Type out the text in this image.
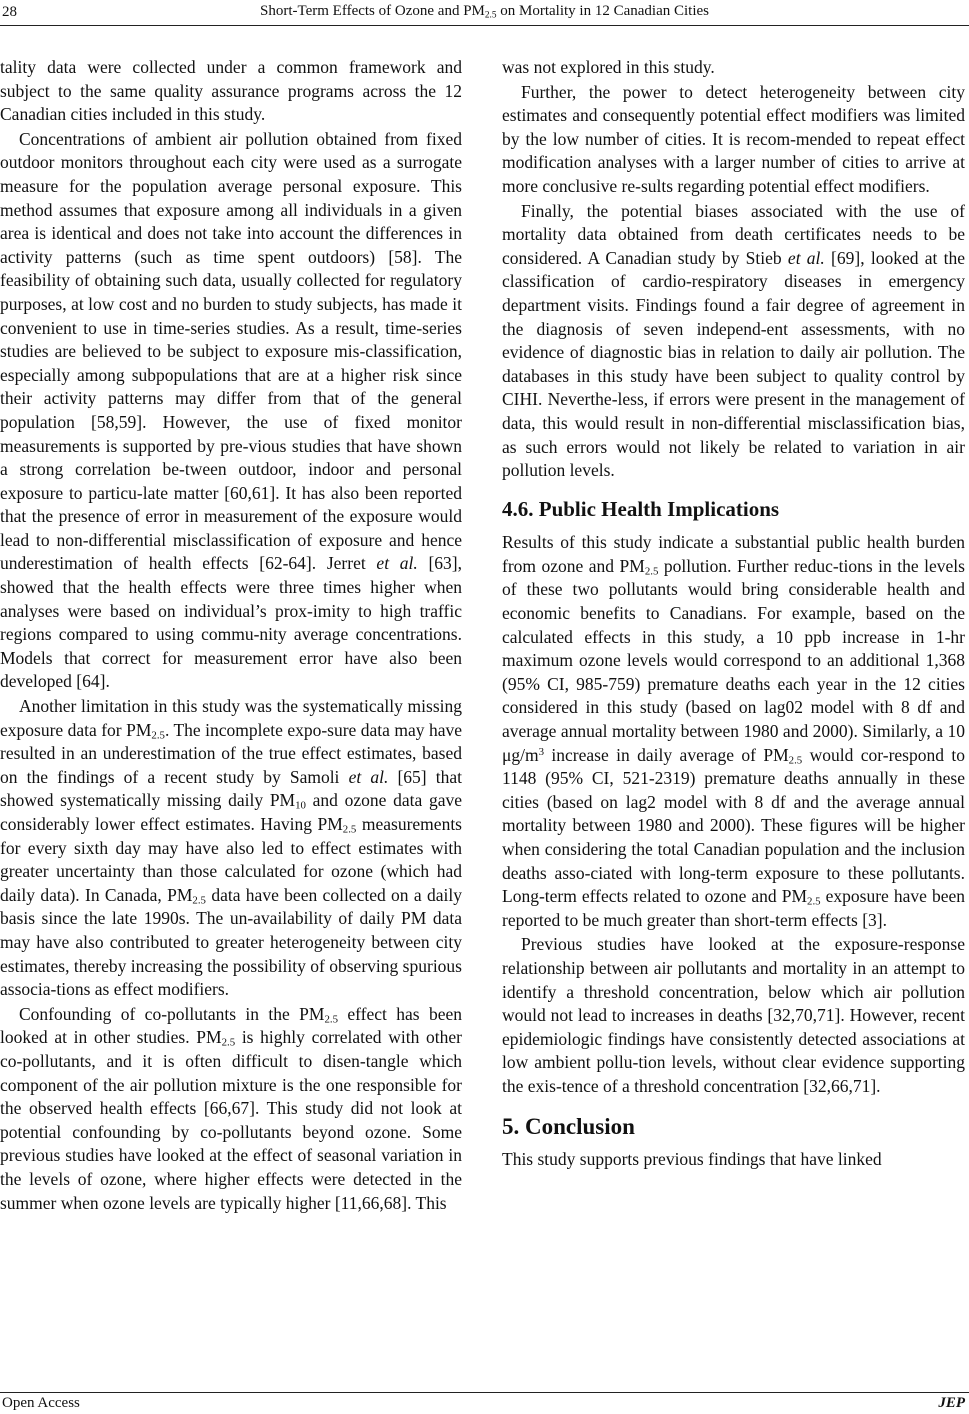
28	Short-Term Effects of Ozone and $PM_{2.5}$ on Mortality in 12 Canadian Cities

tality data were collected under a common framework and subject to the same quality assurance programs across the 12 Canadian cities included in this study.

Concentrations of ambient air pollution obtained from fixed outdoor monitors throughout each city were used as a surrogate measure for the population average personal exposure. This method assumes that exposure among all individuals in a given area is identical and does not take into account the differences in activity patterns (such as time spent outdoors) [58]. The feasibility of obtaining such data, usually collected for regulatory purposes, at low cost and no burden to study subjects, has made it convenient to use in time-series studies. As a result, time-series studies are believed to be subject to exposure mis-classification, especially among subpopulations that are at a higher risk since their activity patterns may differ from that of the general population [58,59]. However, the use of fixed monitor measurements is supported by pre-vious studies that have shown a strong correlation be-tween outdoor, indoor and personal exposure to particu-late matter [60,61]. It has also been reported that the presence of error in measurement of the exposure would lead to non-differential misclassification of exposure and hence underestimation of health effects [62-64]. Jerret et al. [63], showed that the health effects were three times higher when analyses were based on individual’s prox-imity to high traffic regions compared to using commu-nity average concentrations. Models that correct for measurement error have also been developed [64].

Another limitation in this study was the systematically missing exposure data for $PM_{2.5}$. The incomplete expo-sure data may have resulted in an underestimation of the true effect estimates, based on the findings of a recent study by Samoli et al. [65] that showed systematically missing daily $PM_{10}$ and ozone data gave considerably lower effect estimates. Having $PM_{2.5}$ measurements for every sixth day may have also led to effect estimates with greater uncertainty than those calculated for ozone (which had daily data). In Canada, $PM_{2.5}$ data have been collected on a daily basis since the late 1990s. The un-availability of daily PM data may have also contributed to greater heterogeneity between city estimates, thereby increasing the possibility of observing spurious associa-tions as effect modifiers.

Confounding of co-pollutants in the $PM_{2.5}$ effect has been looked at in other studies. $PM_{2.5}$ is highly correlated with other co-pollutants, and it is often difficult to disen-tangle which component of the air pollution mixture is the one responsible for the observed health effects [66,67]. This study did not look at potential confounding by co-pollutants beyond ozone. Some previous studies have looked at the effect of seasonal variation in the levels of ozone, where higher effects were detected in the summer when ozone levels are typically higher [11,66,68]. This

was not explored in this study.

Further, the power to detect heterogeneity between city estimates and consequently potential effect modifiers was limited by the low number of cities. It is recom-mended to repeat effect modification analyses with a larger number of cities to arrive at more conclusive re-sults regarding potential effect modifiers.

Finally, the potential biases associated with the use of mortality data obtained from death certificates needs to be considered. A Canadian study by Stieb et al. [69], looked at the classification of cardio-respiratory diseases in emergency department visits. Findings found a fair degree of agreement in the diagnosis of seven independ-ent assessments, with no evidence of diagnostic bias in relation to daily air pollution. The databases in this study have been subject to quality control by CIHI. Neverthe-less, if errors were present in the management of data, this would result in non-differential misclassification bias, as such errors would not likely be related to variation in air pollution levels.

4.6. Public Health Implications

Results of this study indicate a substantial public health burden from ozone and $PM_{2.5}$ pollution. Further reduc-tions in the levels of these two pollutants would bring considerable health and economic benefits to Canadians. For example, based on the calculated effects in this study, a 10 ppb increase in 1-hr maximum ozone levels would correspond to an additional 1,368 (95% CI, 985-759) premature deaths each year in the 12 cities considered in this study (based on lag02 model with 8 df and average annual mortality between 1980 and 2000). Similarly, a 10 $\mu g/m^3$ increase in daily average of $PM_{2.5}$ would cor-respond to 1148 (95% CI, 521-2319) premature deaths annually in these cities (based on lag2 model with 8 df and the average annual mortality between 1980 and 2000). These figures will be higher when considering the total Canadian population and the inclusion deaths asso-ciated with long-term exposure to these pollutants. Long-term effects related to ozone and $PM_{2.5}$ exposure have been reported to be much greater than short-term effects [3].

Previous studies have looked at the exposure-response relationship between air pollutants and mortality in an attempt to identify a threshold concentration, below which air pollution would not lead to increases in deaths [32,70,71]. However, recent epidemiologic findings have consistently detected associations at low ambient pollu-tion levels, without clear evidence supporting the exis-tence of a threshold concentration [32,66,71].

5. Conclusion

This study supports previous findings that have linked

Open Access	JEP
